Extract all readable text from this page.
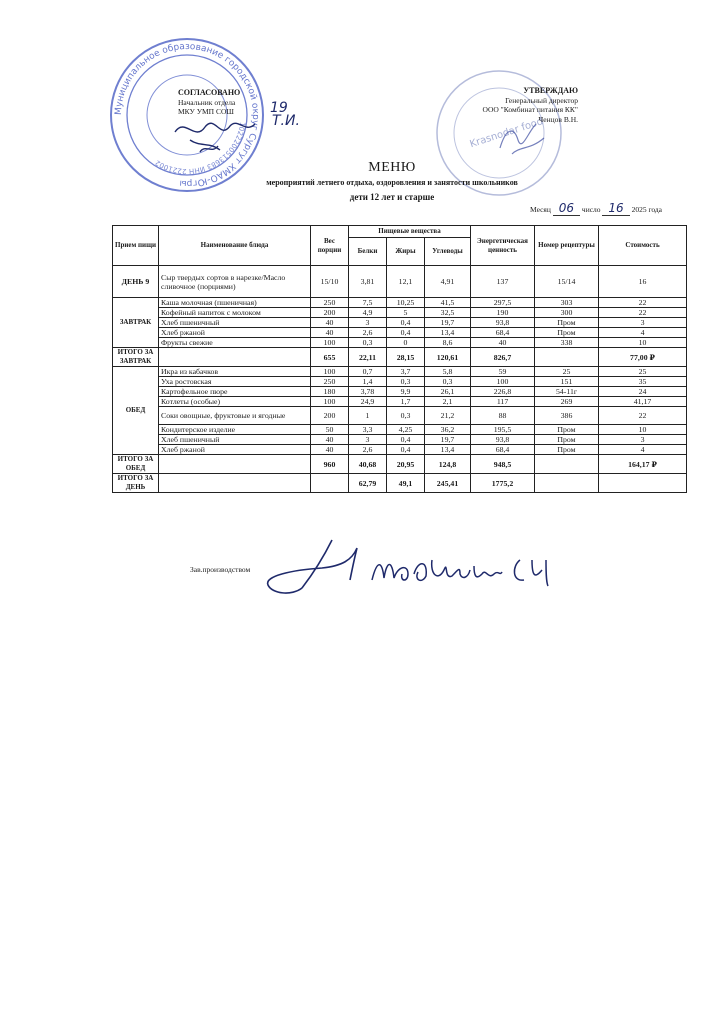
Муниципальное образование городской округ Сургут ХМАО-Югры
1022200513683 ИНН 2221002
Krasnodar food
СОГЛАСОВАНО
Начальник отдела
МКУ УМП СОШ	19
Т.И.
УТВЕРЖДАЮ
Генеральный директор
ООО "Комбинат питания КК"
Ченцов В.Н.
МЕНЮ
мероприятий летнего отдыха, оздоровления и занятости школьников
дети 12 лет и старше
Месяц 06 число 16 2025 года
Прием пищи	Наименование блюда	Вес порции	Пищевые вещества			Энергетическая ценность	Номер рецептуры	Стоимость
			Белки	Жиры	Углеводы			
ДЕНЬ 9	Сыр твердых сортов в нарезке/Масло сливочное (порциями)	15/10	3,81	12,1	4,91	137	15/14	16
ЗАВТРАК	Каша молочная (пшеничная)	250	7,5	10,25	41,5	297,5	303	22
	Кофейный напиток с молоком	200	4,9	5	32,5	190	300	22
	Хлеб пшеничный	40	3	0,4	19,7	93,8	Пром	3
	Хлеб ржаной	40	2,6	0,4	13,4	68,4	Пром	4
	Фрукты свежие	100	0,3	0	8,6	40	338	10
ИТОГО ЗА ЗАВТРАК		655	22,11	28,15	120,61	826,7		77,00 ₽
ОБЕД	Икра из кабачков	100	0,7	3,7	5,8	59	25	25
	Уха ростовская	250	1,4	0,3	0,3	100	151	35
	Картофельное пюре	180	3,78	9,9	26,1	226,8	54-11г	24
	Котлеты (особые)	100	24,9	1,7	2,1	117	269	41,17
	Соки овощные, фруктовые и ягодные	200	1	0,3	21,2	88	386	22
	Кондитерское изделие	50	3,3	4,25	36,2	195,5	Пром	10
	Хлеб пшеничный	40	3	0,4	19,7	93,8	Пром	3
	Хлеб ржаной	40	2,6	0,4	13,4	68,4	Пром	4
ИТОГО ЗА ОБЕД		960	40,68	20,95	124,8	948,5		164,17 ₽
ИТОГО ЗА ДЕНЬ			62,79	49,1	245,41	1775,2		
Зав.производством
